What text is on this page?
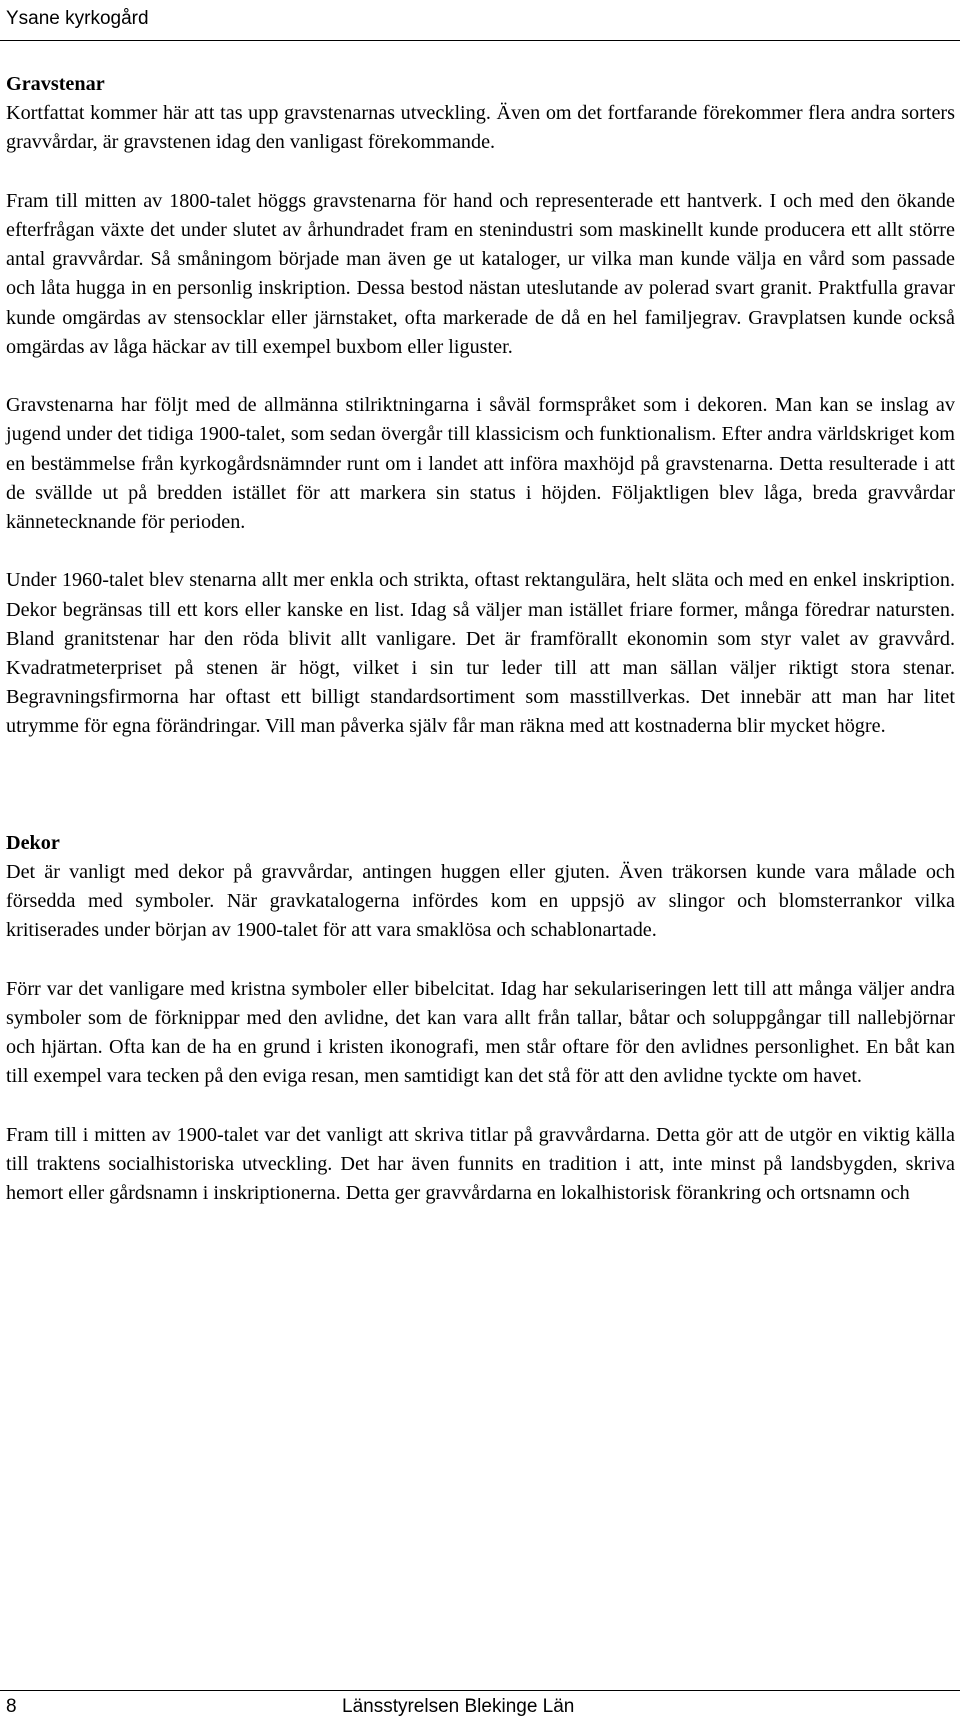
Ysane kyrkogård
Gravstenar

Kortfattat kommer här att tas upp gravstenarnas utveckling. Även om det fortfarande förekommer flera andra sorters gravvårdar, är gravstenen idag den vanligast förekommande.

Fram till mitten av 1800-talet höggs gravstenarna för hand och representerade ett hantverk. I och med den ökande efterfrågan växte det under slutet av århundradet fram en stenindustri som maskinellt kunde producera ett allt större antal gravvårdar. Så småningom började man även ge ut kataloger, ur vilka man kunde välja en vård som passade och låta hugga in en personlig inskription. Dessa bestod nästan uteslutande av polerad svart granit. Praktfulla gravar kunde omgärdas av stensocklar eller järnstaket, ofta markerade de då en hel familjegrav. Gravplatsen kunde också omgärdas av låga häckar av till exempel buxbom eller liguster.

Gravstenarna har följt med de allmänna stilriktningarna i såväl formspråket som i dekoren. Man kan se inslag av jugend under det tidiga 1900-talet, som sedan övergår till klassicism och funktionalism. Efter andra världskriget kom en bestämmelse från kyrkogårdsnämnder runt om i landet att införa maxhöjd på gravstenarna. Detta resulterade i att de svällde ut på bredden istället för att markera sin status i höjden. Följaktligen blev låga, breda gravvårdar kännetecknande för perioden.

Under 1960-talet blev stenarna allt mer enkla och strikta, oftast rektangulära, helt släta och med en enkel inskription. Dekor begränsas till ett kors eller kanske en list. Idag så väljer man istället friare former, många föredrar natursten. Bland granitstenar har den röda blivit allt vanligare. Det är framförallt ekonomin som styr valet av gravvård. Kvadratmeterpriset på stenen är högt, vilket i sin tur leder till att man sällan väljer riktigt stora stenar. Begravningsfirmorna har oftast ett billigt standardsortiment som masstillverkas. Det innebär att man har litet utrymme för egna förändringar. Vill man påverka själv får man räkna med att kostnaderna blir mycket högre.

Dekor

Det är vanligt med dekor på gravvårdar, antingen huggen eller gjuten. Även träkorsen kunde vara målade och försedda med symboler. När gravkatalogerna infördes kom en uppsjö av slingor och blomsterrankor vilka kritiserades under början av 1900-talet för att vara smaklösa och schablonartade.

Förr var det vanligare med kristna symboler eller bibelcitat. Idag har sekulariseringen lett till att många väljer andra symboler som de förknippar med den avlidne, det kan vara allt från tallar, båtar och soluppgångar till nallebjörnar och hjärtan. Ofta kan de ha en grund i kristen ikonografi, men står oftare för den avlidnes personlighet. En båt kan till exempel vara tecken på den eviga resan, men samtidigt kan det stå för att den avlidne tyckte om havet.

Fram till i mitten av 1900-talet var det vanligt att skriva titlar på gravvårdarna. Detta gör att de utgör en viktig källa till traktens socialhistoriska utveckling. Det har även funnits en tradition i att, inte minst på landsbygden, skriva hemort eller gårdsnamn i inskriptionerna. Detta ger gravvårdarna en lokalhistorisk förankring och ortsnamn och

8	Länsstyrelsen Blekinge Län
